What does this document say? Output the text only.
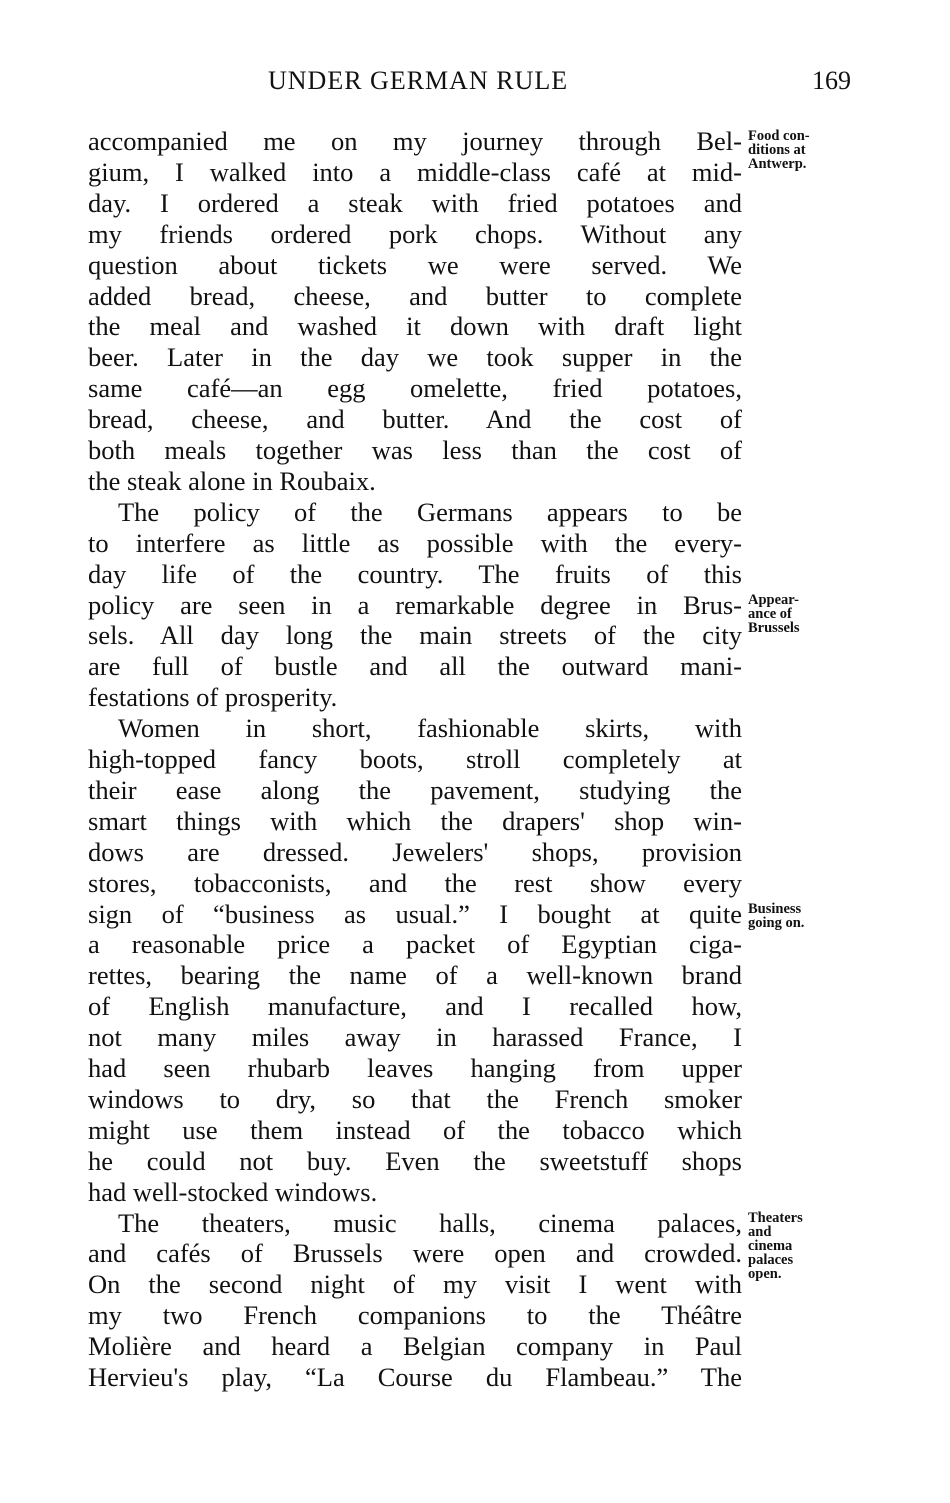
UNDER GERMAN RULE	169
accompanied me on my journey through Bel-
gium, I walked into a middle-class café at mid-
day. I ordered a steak with fried potatoes and
my friends ordered pork chops. Without any
question about tickets we were served. We
added bread, cheese, and butter to complete
the meal and washed it down with draft light
beer. Later in the day we took supper in the
same café—an egg omelette, fried potatoes,
bread, cheese, and butter. And the cost of
both meals together was less than the cost of
the steak alone in Roubaix.
The policy of the Germans appears to be
to interfere as little as possible with the every-
day life of the country. The fruits of this
policy are seen in a remarkable degree in Brus-
sels. All day long the main streets of the city
are full of bustle and all the outward mani-
festations of prosperity.
Women in short, fashionable skirts, with
high-topped fancy boots, stroll completely at
their ease along the pavement, studying the
smart things with which the drapers' shop win-
dows are dressed. Jewelers' shops, provision
stores, tobacconists, and the rest show every
sign of “business as usual.” I bought at quite
a reasonable price a packet of Egyptian ciga-
rettes, bearing the name of a well-known brand
of English manufacture, and I recalled how,
not many miles away in harassed France, I
had seen rhubarb leaves hanging from upper
windows to dry, so that the French smoker
might use them instead of the tobacco which
he could not buy. Even the sweetstuff shops
had well-stocked windows.
The theaters, music halls, cinema palaces,
and cafés of Brussels were open and crowded.
On the second night of my visit I went with
my two French companions to the Théâtre
Molière and heard a Belgian company in Paul
Hervieu's play, “La Course du Flambeau.” The
Food con-
ditions at
Antwerp.
Appear-
ance of
Brussels
Business
going on.
Theaters
and
cinema
palaces
open.
